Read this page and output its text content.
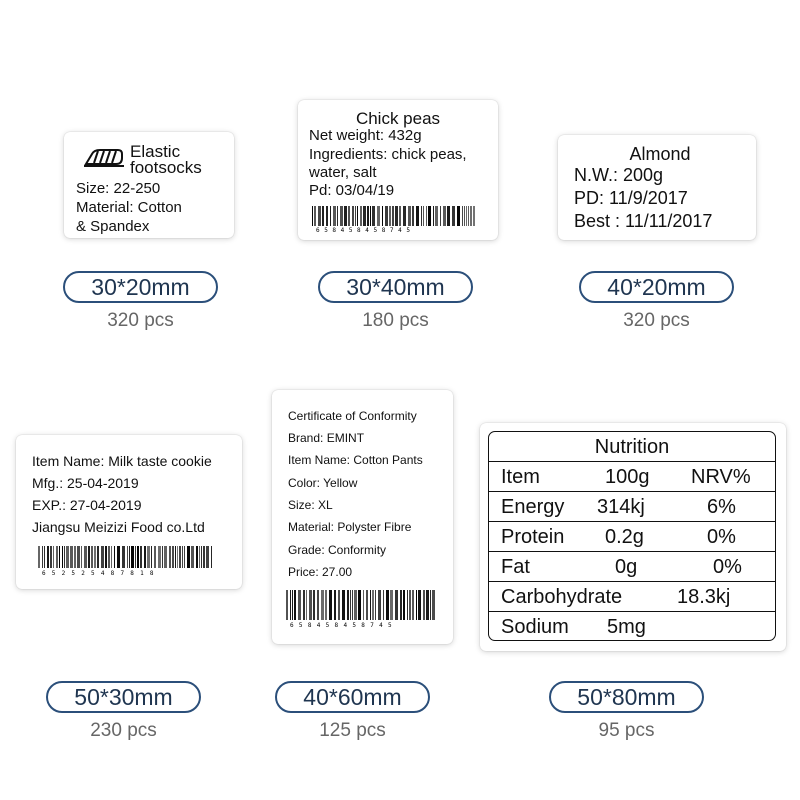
Elastic
footsocks
Size: 22-250
Material: Cotton
& Spandex
30*20mm
320 pcs
Chick peas
Net weight: 432g
Ingredients: chick peas,
water, salt
Pd: 03/04/19
658458458745
30*40mm
180 pcs
Almond
N.W.: 200g
PD: 11/9/2017
Best : 11/11/2017
40*20mm
320 pcs
Item Name: Milk taste cookie
Mfg.: 25-04-2019
EXP.: 27-04-2019
Jiangsu Meizizi Food co.Ltd
652525487818
50*30mm
230 pcs
Certificate of Conformity
Brand: EMINT
Item Name: Cotton Pants
Color: Yellow
Size: XL
Material: Polyster Fibre
Grade: Conformity
Price: 27.00
658458458745
40*60mm
125 pcs
Nutrition
Item	100g NRV%
Energy 314kj	6%
Protein 0.2g	0%
Fat	0g	0%
Carbohydrate	18.3kj
Sodium 5mg
50*80mm
95 pcs
